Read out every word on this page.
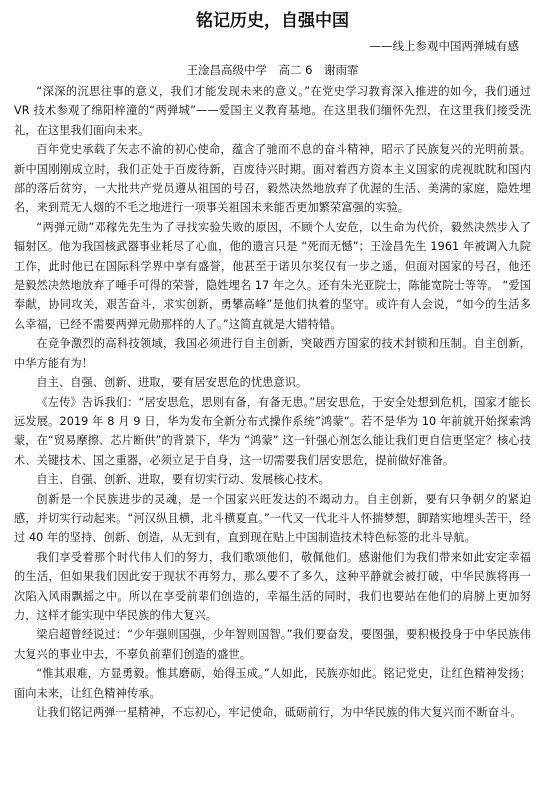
铭记历史，自强中国
——线上参观中国两弹城有感
王淦昌高级中学　高二 6　谢雨霏

“深深的沉思往事的意义，我们才能发现未来的意义。”在党史学习教育深入推进的如今，我们通过 VR 技术参观了绵阳梓潼的“两弹城”——爱国主义教育基地。在这里我们缅怀先烈，在这里我们接受洗礼，在这里我们面向未来。

百年党史承载了矢志不渝的初心使命，蕴含了驰而不息的奋斗精神，昭示了民族复兴的光明前景。新中国刚刚成立时，我们正处于百废待新，百废待兴时期。面对着西方资本主义国家的虎视眈眈和国内部的落后贫穷，一大批共产党员遵从祖国的号召，毅然决然地放弃了优渥的生活、美满的家庭，隐姓埋名，来到荒无人烟的不毛之地进行一项事关祖国未来能否更加繁荣富强的实验。

“两弹元勋”邓稼先先生为了寻找实验失败的原因，不顾个人安危，以生命为代价，毅然决然步入了辐射区。他为我国核武器事业耗尽了心血，他的遗言只是 “死而无憾”；王淦昌先生 1961 年被调入九院工作，此时他已在国际科学界中享有盛誉，他甚至于诺贝尔奖仅有一步之遥，但面对国家的号召，他还是毅然决然地放弃了唾手可得的荣誉，隐姓埋名 17 年之久。还有朱光亚院士，陈能宽院士等等。 “爱国奉献，协同攻关，艰苦奋斗，求实创新，勇攀高峰”是他们执着的坚守。或许有人会说，“如今的生活多么幸福，已经不需要两弹元勋那样的人了。”这简直就是大错特错。

在竞争激烈的高科技领域，我国必须进行自主创新，突破西方国家的技术封锁和压制。自主创新，中华方能有为！

自主、自强、创新、进取，要有居安思危的忧患意识。

《左传》告诉我们：“居安思危，思则有备，有备无患。”居安思危，于安全处想到危机，国家才能长远发展。2019 年 8 月 9 日，华为发布全新分布式操作系统”鸿蒙“。若不是华为 10 年前就开始探索鸿蒙，在“贸易摩擦、芯片断供”的背景下，华为 “鸿蒙” 这一针强心剂怎么能让我们更自信更坚定？核心技术、关键技术、国之重器，必须立足于自身，这一切需要我们居安思危，提前做好准备。

自主、自强、创新、进取，要有切实行动、发展核心技术。

创新是一个民族进步的灵魂，是一个国家兴旺发达的不竭动力。自主创新，要有只争朝夕的紧迫感，并切实行动起来。“河汉纵且横，北斗横夏直。”一代又一代北斗人怀揣梦想，脚踏实地埋头苦干，经过 40 年的坚持、创新、创造，从无到有，直到现在贴上中国制造技术特色标签的北斗导航。

我们享受着那个时代伟人们的努力，我们歌颂他们，敬佩他们。感谢他们为我们带来如此安定幸福的生活，但如果我们因此安于现状不再努力，那么要不了多久，这种平静就会被打破，中华民族将再一次陷入风雨飘摇之中。所以在享受前辈们创造的，幸福生活的同时，我们也要站在他们的肩膀上更加努力，这样才能实现中华民族的伟大复兴。

梁启超曾经说过：“少年强则国强，少年智则国智。”我们要奋发，要图强，要积极投身于中华民族伟大复兴的事业中去，不辜负前辈们创造的盛世。

“惟其艰难，方显勇毅。惟其磨砺，始得玉成。”人如此，民族亦如此。铭记党史，让红色精神发扬；面向未来，让红色精神传承。

让我们铭记两弹一星精神，不忘初心，牢记使命，砥砺前行，为中华民族的伟大复兴而不断奋斗。
